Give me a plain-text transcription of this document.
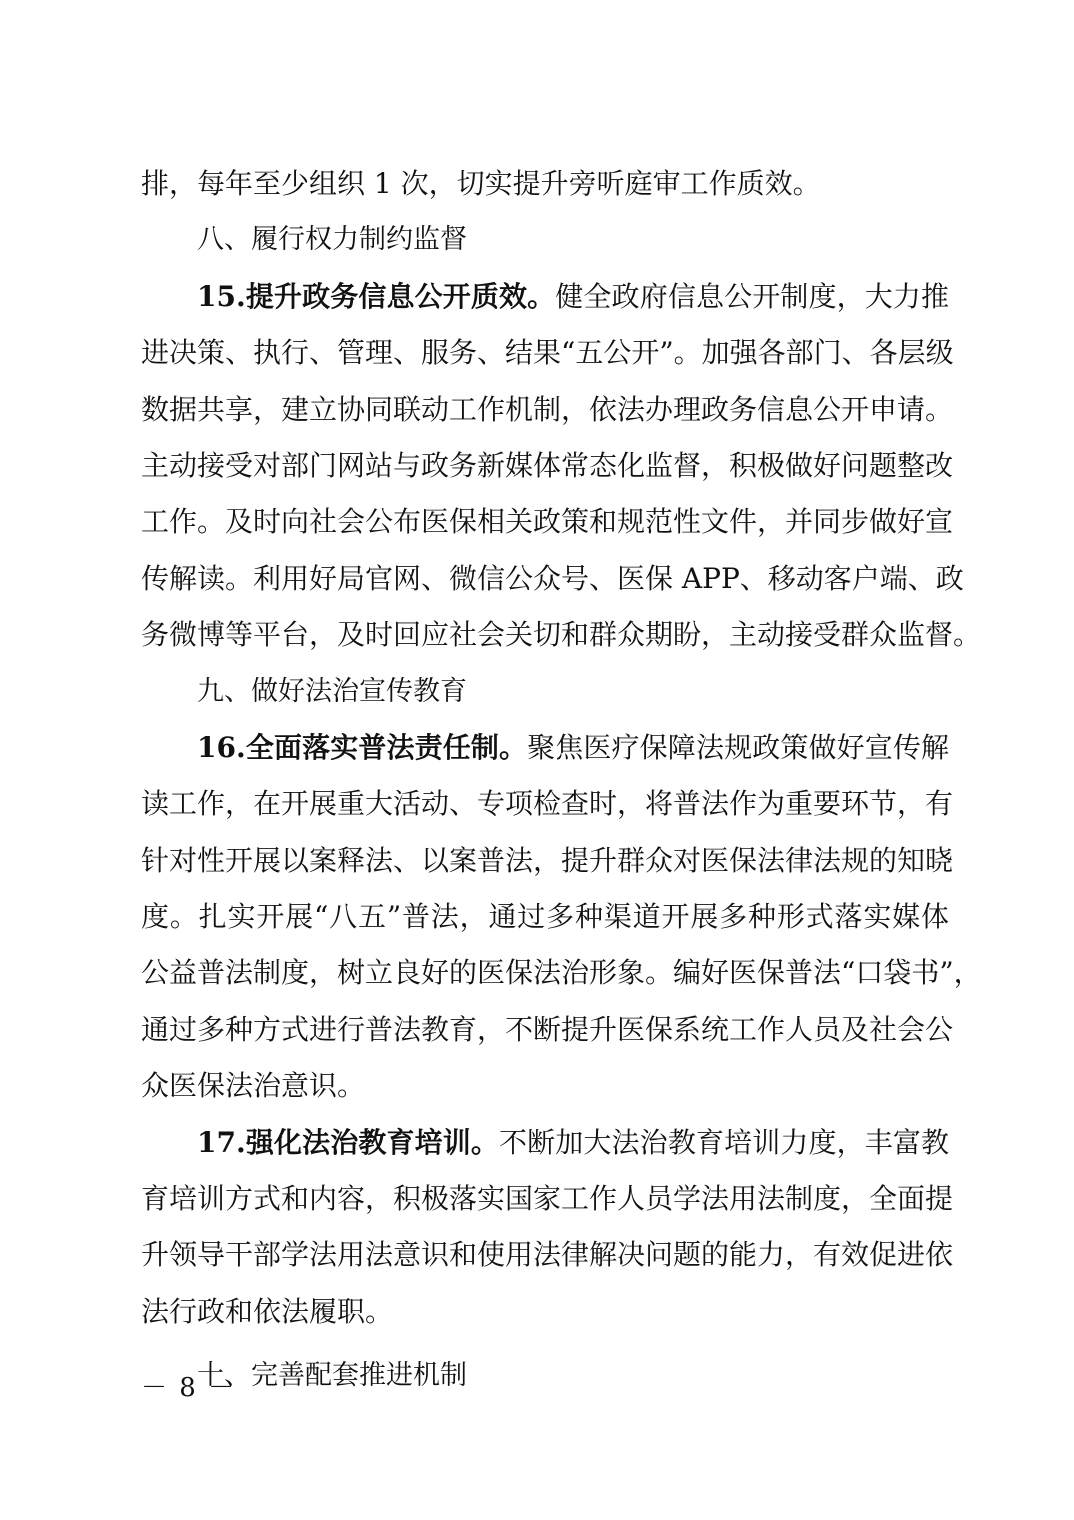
排，每年至少组织 1 次，切实提升旁听庭审工作质效。
八、履行权力制约监督
15.提升政务信息公开质效。健全政府信息公开制度，大力推
进决策、执行、管理、服务、结果“五公开”。加强各部门、各层级
数据共享，建立协同联动工作机制，依法办理政务信息公开申请。
主动接受对部门网站与政务新媒体常态化监督，积极做好问题整改
工作。及时向社会公布医保相关政策和规范性文件，并同步做好宣
传解读。利用好局官网、微信公众号、医保 APP、移动客户端、政
务微博等平台，及时回应社会关切和群众期盼，主动接受群众监督。
九、做好法治宣传教育
16.全面落实普法责任制。聚焦医疗保障法规政策做好宣传解
读工作，在开展重大活动、专项检查时，将普法作为重要环节，有
针对性开展以案释法、以案普法，提升群众对医保法律法规的知晓
度。扎实开展“八五”普法，通过多种渠道开展多种形式落实媒体
公益普法制度，树立良好的医保法治形象。编好医保普法“口袋书”，
通过多种方式进行普法教育，不断提升医保系统工作人员及社会公
众医保法治意识。
17.强化法治教育培训。不断加大法治教育培训力度，丰富教
育培训方式和内容，积极落实国家工作人员学法用法制度，全面提
升领导干部学法用法意识和使用法律解决问题的能力，有效促进依
法行政和依法履职。
十、完善配套推进机制
－ 8 －
